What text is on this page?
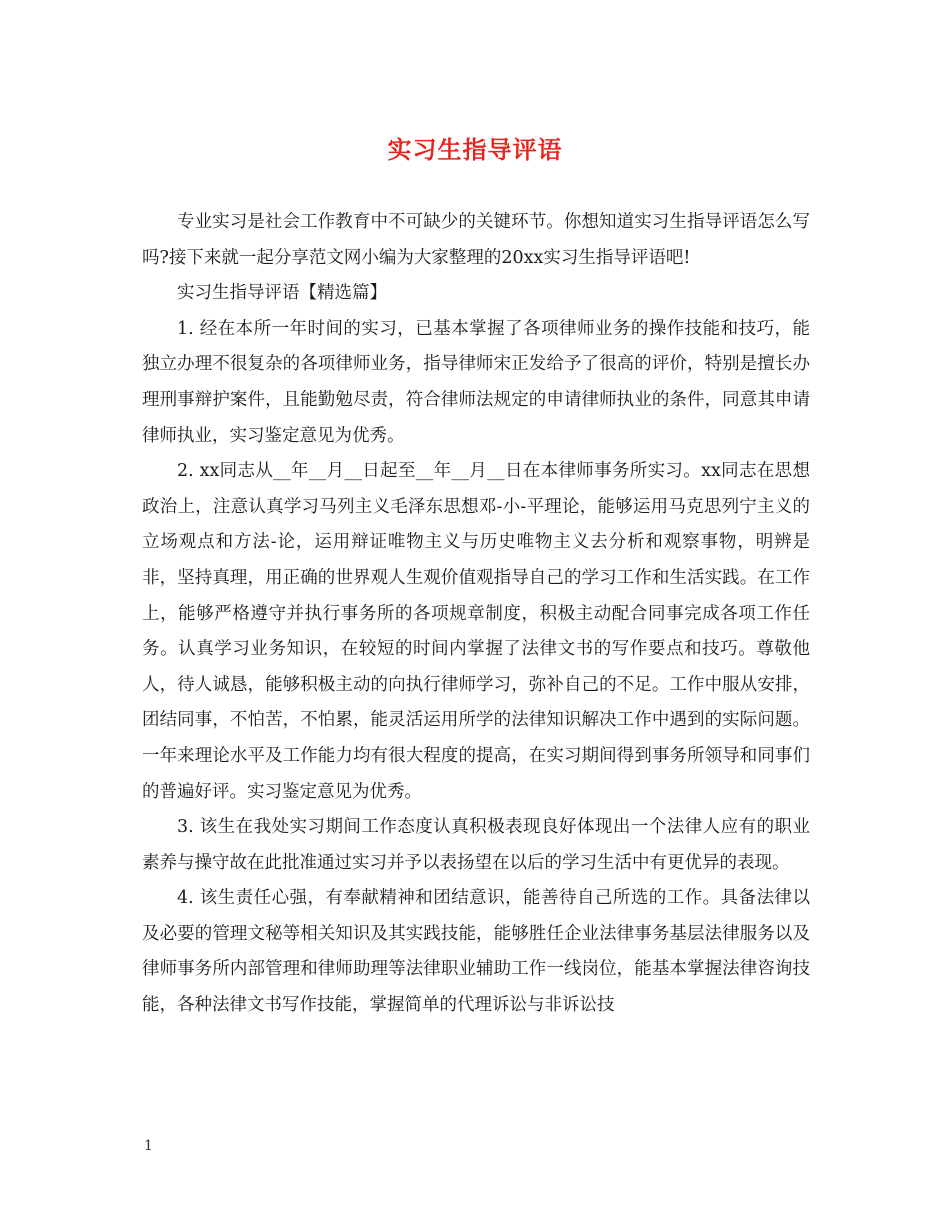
实习生指导评语

专业实习是社会工作教育中不可缺少的关键环节。你想知道实习生指导评语怎么写吗?接下来就一起分享范文网小编为大家整理的20xx实习生指导评语吧!

实习生指导评语【精选篇】

1. 经在本所一年时间的实习，已基本掌握了各项律师业务的操作技能和技巧，能独立办理不很复杂的各项律师业务，指导律师宋正发给予了很高的评价，特别是擅长办理刑事辩护案件，且能勤勉尽责，符合律师法规定的申请律师执业的条件，同意其申请律师执业，实习鉴定意见为优秀。

2. xx同志从__年__月__日起至__年__月__日在本律师事务所实习。xx同志在思想政治上，注意认真学习马列主义毛泽东思想邓-小-平理论，能够运用马克思列宁主义的立场观点和方法-论，运用辩证唯物主义与历史唯物主义去分析和观察事物，明辨是非，坚持真理，用正确的世界观人生观价值观指导自己的学习工作和生活实践。在工作上，能够严格遵守并执行事务所的各项规章制度，积极主动配合同事完成各项工作任务。认真学习业务知识，在较短的时间内掌握了法律文书的写作要点和技巧。尊敬他人，待人诚恳，能够积极主动的向执行律师学习，弥补自己的不足。工作中服从安排，团结同事，不怕苦，不怕累，能灵活运用所学的法律知识解决工作中遇到的实际问题。一年来理论水平及工作能力均有很大程度的提高，在实习期间得到事务所领导和同事们的普遍好评。实习鉴定意见为优秀。

3. 该生在我处实习期间工作态度认真积极表现良好体现出一个法律人应有的职业素养与操守故在此批准通过实习并予以表扬望在以后的学习生活中有更优异的表现。

4. 该生责任心强，有奉献精神和团结意识，能善待自己所选的工作。具备法律以及必要的管理文秘等相关知识及其实践技能，能够胜任企业法律事务基层法律服务以及律师事务所内部管理和律师助理等法律职业辅助工作一线岗位，能基本掌握法律咨询技能，各种法律文书写作技能，掌握简单的代理诉讼与非诉讼技

1
